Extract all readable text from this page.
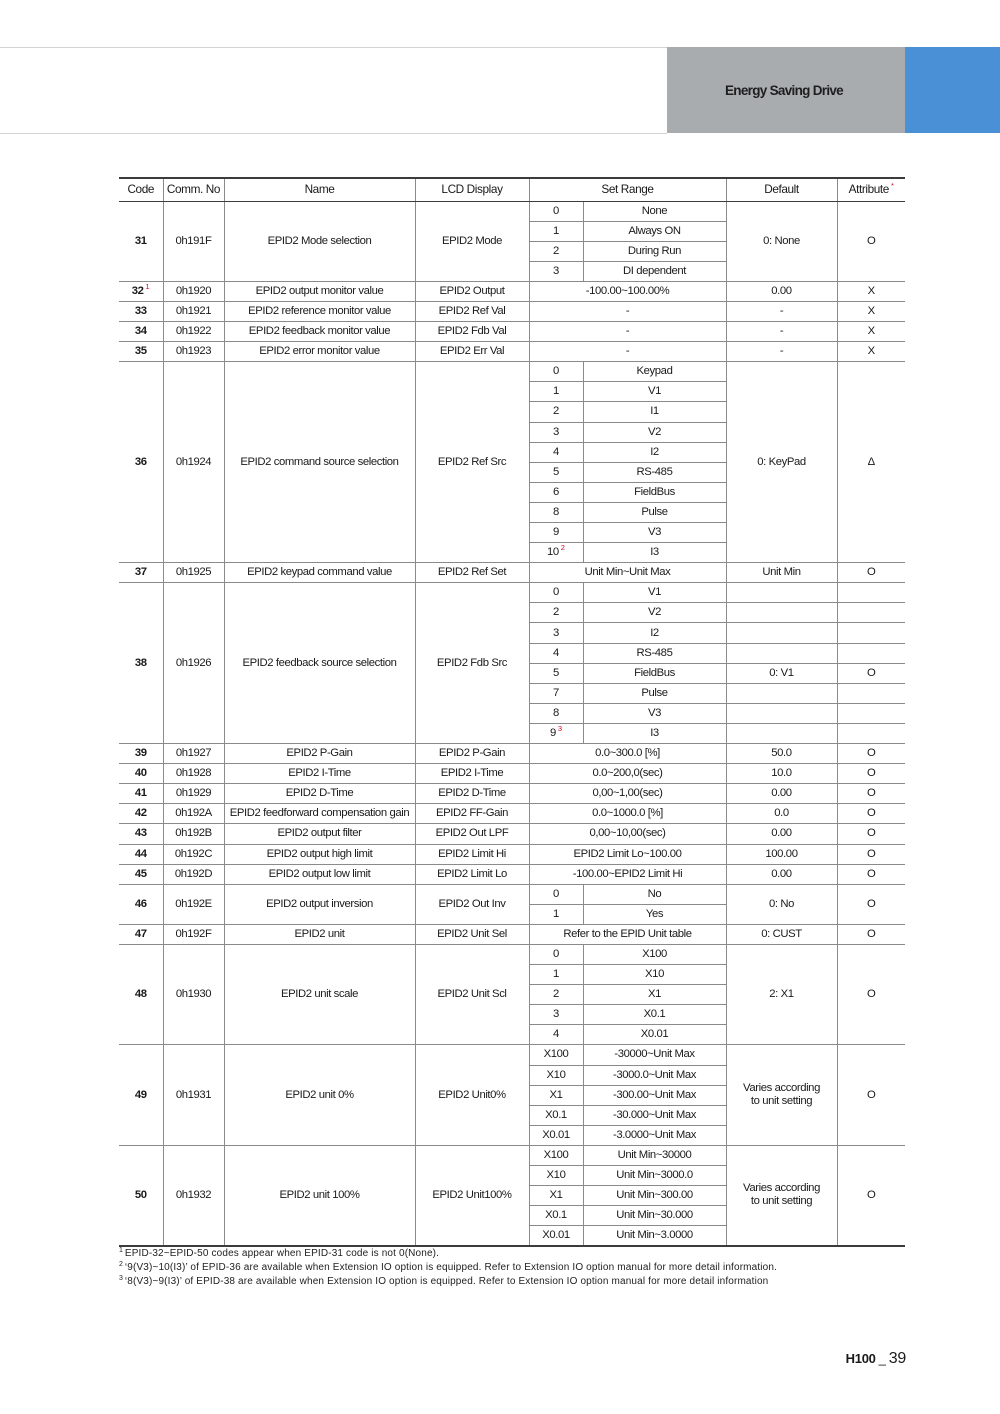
Energy Saving Drive
Code	Comm. No	Name	LCD Display	Set Range		Default	Attribute *
31	0h191F	EPID2 Mode selection	EPID2 Mode	0	None	0: None	O
				1	Always ON		
				2	During Run		
				3	DI dependent		
32 $^1$	0h1920	EPID2 output monitor value	EPID2 Output	-100.00~100.00%		0.00	X
33	0h1921	EPID2 reference monitor value	EPID2 Ref Val	-		-	X
34	0h1922	EPID2 feedback monitor value	EPID2 Fdb Val	-		-	X
35	0h1923	EPID2 error monitor value	EPID2 Err Val	-		-	X
36	0h1924	EPID2 command source selection	EPID2 Ref Src	0	Keypad	0: KeyPad	Δ
				1	V1		
				2	I1		
				3	V2		
				4	I2		
				5	RS-485		
				6	FieldBus		
				8	Pulse		
				9	V3		
				10 $^2$	I3		
37	0h1925	EPID2 keypad command value	EPID2 Ref Set	Unit Min~Unit Max		Unit Min	O
38	0h1926	EPID2 feedback source selection	EPID2 Fdb Src	0	V1		
				2	V2		
				3	I2		
				4	RS-485		
				5	FieldBus	0: V1	O
				7	Pulse		
				8	V3		
				9 $^3$	I3		
39	0h1927	EPID2 P-Gain	EPID2 P-Gain	0.0~300.0 [%]		50.0	O
40	0h1928	EPID2 I-Time	EPID2 I-Time	0.0~200,0(sec)		10.0	O
41	0h1929	EPID2 D-Time	EPID2 D-Time	0,00~1,00(sec)		0.00	O
42	0h192A	EPID2 feedforward compensation gain	EPID2 FF-Gain	0.0~1000.0 [%]		0.0	O
43	0h192B	EPID2 output filter	EPID2 Out LPF	0,00~10,00(sec)		0.00	O
44	0h192C	EPID2 output high limit	EPID2 Limit Hi	EPID2 Limit Lo~100.00		100.00	O
45	0h192D	EPID2 output low limit	EPID2 Limit Lo	-100.00~EPID2 Limit Hi		0.00	O
46	0h192E	EPID2 output inversion	EPID2 Out Inv	0	No	0: No	O
				1	Yes		
47	0h192F	EPID2 unit	EPID2 Unit Sel	Refer to the EPID Unit table		0: CUST	O
48	0h1930	EPID2 unit scale	EPID2 Unit Scl	0	X100	2: X1	O
				1	X10		
				2	X1		
				3	X0.1		
				4	X0.01		
49	0h1931	EPID2 unit 0%	EPID2 Unit0%	X100	-30000~Unit Max	Varies according to unit setting	O
				X10	-3000.0~Unit Max		
				X1	-300.00~Unit Max		
				X0.1	-30.000~Unit Max		
				X0.01	-3.0000~Unit Max		
50	0h1932	EPID2 unit 100%	EPID2 Unit100%	X100	Unit Min~30000	Varies according to unit setting	O
				X10	Unit Min~3000.0		
				X1	Unit Min~300.00		
				X0.1	Unit Min~30.000		
				X0.01	Unit Min~3.0000		
$^1$ EPID-32~EPID-50 codes appear when EPID-31 code is not 0(None).
$^2$ ‘9(V3)~10(I3)’ of EPID-36 are available when Extension IO option is equipped. Refer to Extension IO option manual for more detail information.
$^3$ ‘8(V3)~9(I3)’ of EPID-38 are available when Extension IO option is equipped. Refer to Extension IO option manual for more detail information
H100 _ 39
